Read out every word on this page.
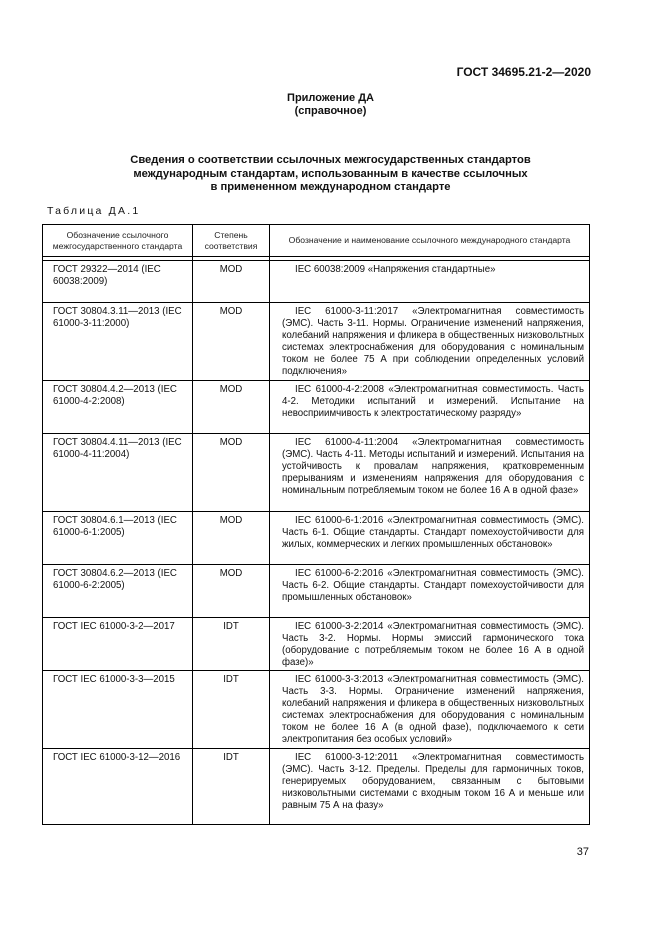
ГОСТ 34695.21-2—2020
Приложение ДА
(справочное)
Сведения о соответствии ссылочных межгосударственных стандартов
международным стандартам, использованным в качестве ссылочных
в примененном международном стандарте
Таблица ДА.1
Обозначение ссылочного межгосударственного стандарта	Степень соответствия	Обозначение и наименование ссылочного международного стандарта

ГОСТ 29322—2014 (IEC 60038:2009)	MOD	IEC 60038:2009 «Напряжения стандартные»

ГОСТ 30804.3.11—2013 (IEC 61000-3-11:2000)	MOD	IEC 61000-3-11:2017 «Электромагнитная совместимость (ЭМС). Часть 3-11. Нормы. Ограничение изменений напряжения, колебаний напряжения и фликера в общественных низковольтных системах электроснабжения для оборудования с номинальным током не более 75 А при соблюдении определенных условий подключения»

ГОСТ 30804.4.2—2013 (IEC 61000-4-2:2008)	MOD	IEC 61000-4-2:2008 «Электромагнитная совместимость. Часть 4-2. Методики испытаний и измерений. Испытание на невосприимчивость к электростатическому разряду»

ГОСТ 30804.4.11—2013 (IEC 61000-4-11:2004)	MOD	IEC 61000-4-11:2004 «Электромагнитная совместимость (ЭМС). Часть 4-11. Методы испытаний и измерений. Испытания на устойчивость к провалам напряжения, кратковременным прерываниям и изменениям напряжения для оборудования с номинальным потребляемым током не более 16 А в одной фазе»

ГОСТ 30804.6.1—2013 (IEC 61000-6-1:2005)	MOD	IEC 61000-6-1:2016 «Электромагнитная совместимость (ЭМС). Часть 6-1. Общие стандарты. Стандарт помехоустойчивости для жилых, коммерческих и легких промышленных обстановок»

ГОСТ 30804.6.2—2013 (IEC 61000-6-2:2005)	MOD	IEC 61000-6-2:2016 «Электромагнитная совместимость (ЭМС). Часть 6-2. Общие стандарты. Стандарт помехоустойчивости для промышленных обстановок»

ГОСТ IEC 61000-3-2—2017	IDT	IEC 61000-3-2:2014 «Электромагнитная совместимость (ЭМС). Часть 3-2. Нормы. Нормы эмиссий гармонического тока (оборудование с потребляемым током не более 16 А в одной фазе)»

ГОСТ IEC 61000-3-3—2015	IDT	IEC 61000-3-3:2013 «Электромагнитная совместимость (ЭМС). Часть 3-3. Нормы. Ограничение изменений напряжения, колебаний напряжения и фликера в общественных низковольтных системах электроснабжения для оборудования с номинальным током не более 16 А (в одной фазе), подключаемого к сети электропитания без особых условий»

ГОСТ IEC 61000-3-12—2016	IDT	IEC 61000-3-12:2011 «Электромагнитная совместимость (ЭМС). Часть 3-12. Пределы. Пределы для гармоничных токов, генерируемых оборудованием, связанным с бытовыми низковольтными системами с входным током 16 А и меньше или равным 75 А на фазу»
37
